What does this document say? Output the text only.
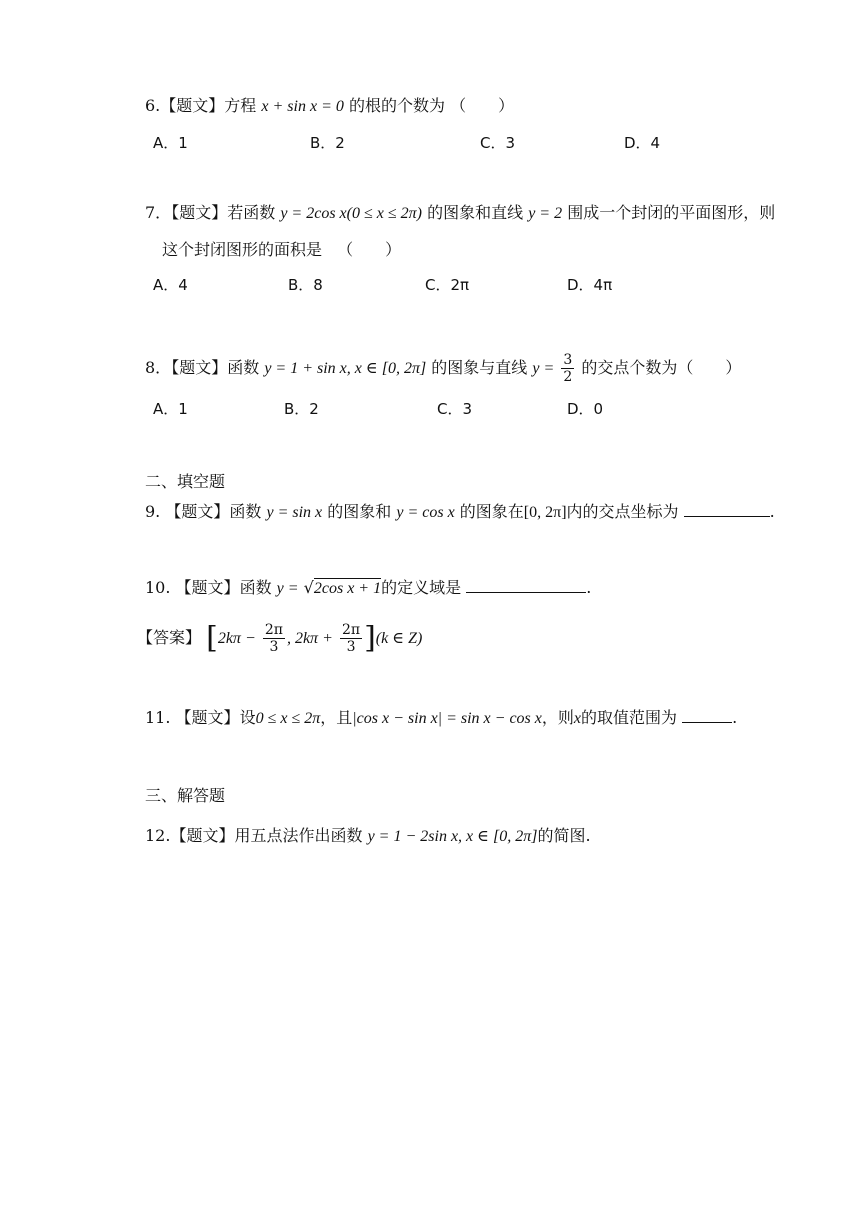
6.【题文】方程 x + sin x = 0 的根的个数为 （　　）
A．1	B．2	C．3	D．4
7．【题文】若函数 y = 2cos x(0 ≤ x ≤ 2π) 的图象和直线 y = 2 围成一个封闭的平面图形，则
这个封闭图形的面积是 （　　）
A．4	B．8	C．2π	D．4π
8．【题文】函数 y = 1 + sin x, x ∈ [0, 2π] 的图象与直线 $y = \frac{3}{2}$ 的交点个数为（　　）
A．1	B．2	C．3	D．0
二、填空题
9. 【题文】函数 y = sin x 的图象和 y = cos x 的图象在[0, 2π]内的交点坐标为	.
10. 【题文】函数 y = √2cos x + 1的定义域是	.
【答案】 [$2k\pi - \frac{2\pi}{3}$ , $2k\pi + \frac{2\pi}{3} ](k$ ∈ Z)
11. 【题文】设0 ≤ x ≤ 2π，且|cos x − sin x| = sin x − cos x，则x的取值范围为	.
三、解答题
12.【题文】用五点法作出函数 y = 1 − 2sin x, x ∈ [0, 2π]的简图.
